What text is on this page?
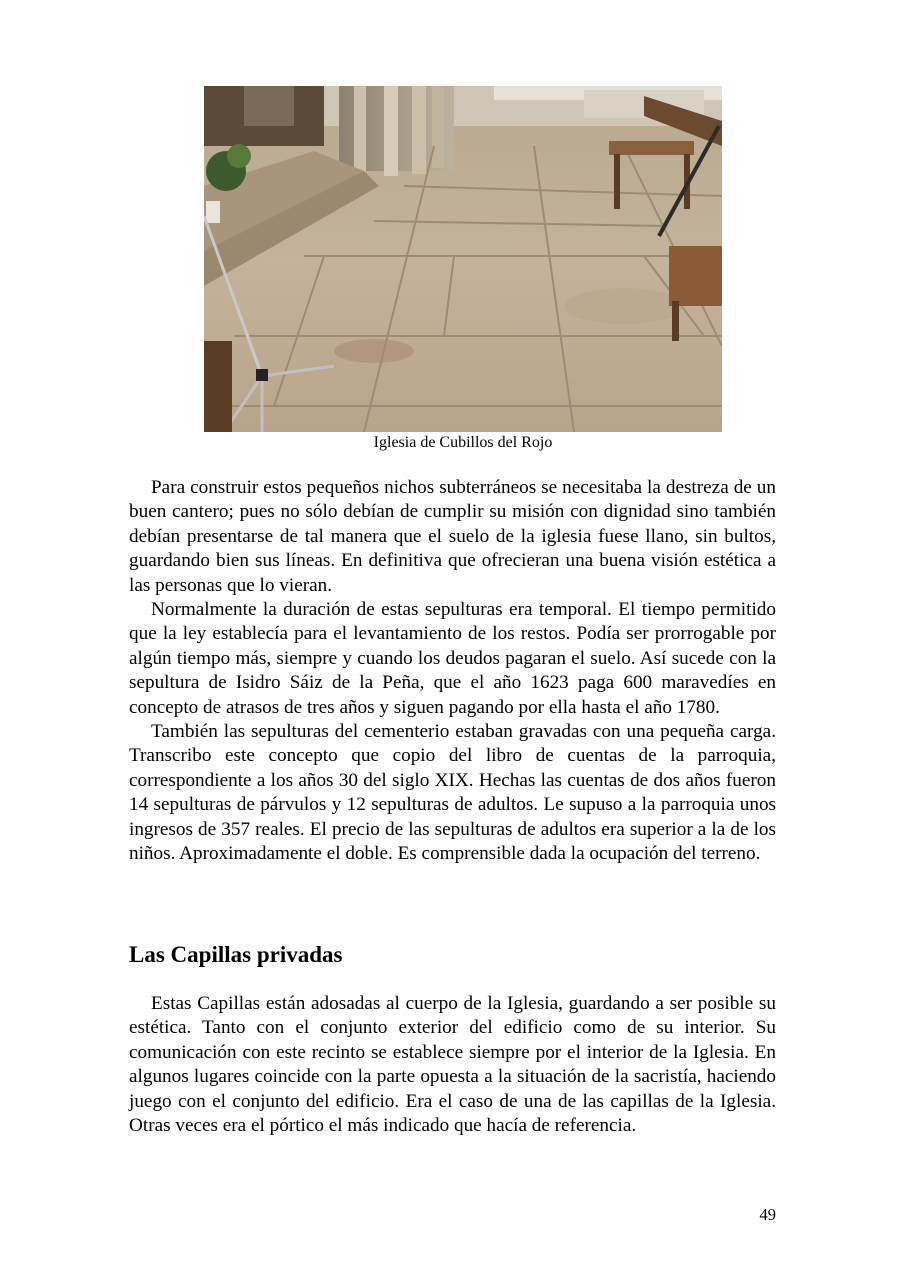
Iglesia de Cubillos del Rojo

Para construir estos pequeños nichos subterráneos se necesitaba la destreza de un buen cantero; pues no sólo debían de cumplir su misión con dignidad sino también debían presentarse de tal manera que el suelo de la iglesia fuese llano, sin bultos, guardando bien sus líneas. En definitiva que ofrecieran una buena visión estética a las personas que lo vieran.

Normalmente la duración de estas sepulturas era temporal. El tiempo permitido que la ley establecía para el levantamiento de los restos. Podía ser prorrogable por algún tiempo más, siempre y cuando los deudos pagaran el suelo. Así sucede con la sepultura de Isidro Sáiz de la Peña, que el año 1623 paga 600 maravedíes en concepto de atrasos de tres años y siguen pagando por ella hasta el año 1780.

También las sepulturas del cementerio estaban gravadas con una pequeña carga. Transcribo este concepto que copio del libro de cuentas de la parroquia, correspondiente a los años 30 del siglo XIX. Hechas las cuentas de dos años fueron 14 sepulturas de párvulos y 12 sepulturas de adultos. Le supuso a la parroquia unos ingresos de 357 reales. El precio de las sepulturas de adultos era superior a la de los niños. Aproximadamente el doble. Es comprensible dada la ocupación del terreno.

Las Capillas privadas

Estas Capillas están adosadas al cuerpo de la Iglesia, guardando a ser posible su estética. Tanto con el conjunto exterior del edificio como de su interior. Su comunicación con este recinto se establece siempre por el interior de la Iglesia. En algunos lugares coincide con la parte opuesta a la situación de la sacristía, haciendo juego con el conjunto del edificio. Era el caso de una de las capillas de la Iglesia. Otras veces era el pórtico el más indicado que hacía de referencia.

49
